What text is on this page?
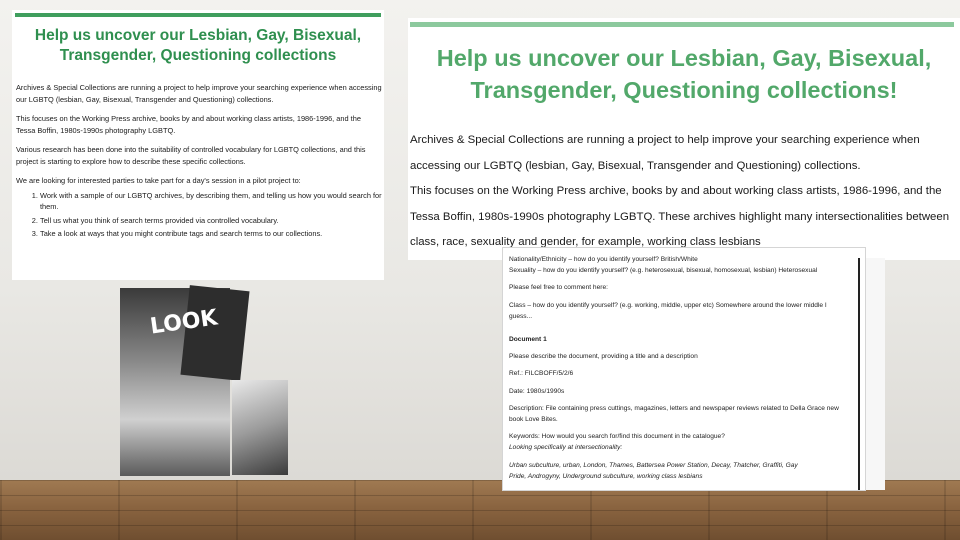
Help us uncover our Lesbian, Gay, Bisexual, Transgender, Questioning collections

Archives & Special Collections are running a project to help improve your searching experience when accessing our LGBTQ (lesbian, Gay, Bisexual, Transgender and Questioning) collections.

This focuses on the Working Press archive, books by and about working class artists, 1986-1996, and the Tessa Boffin, 1980s-1990s photography LGBTQ.

Various research has been done into the suitability of controlled vocabulary for LGBTQ collections, and this project is starting to explore how to describe these specific collections.

We are looking for interested parties to take part for a day's session in a pilot project to:

1. Work with a sample of our LGBTQ archives, by describing them, and telling us how you would search for them.
2. Tell us what you think of search terms provided via controlled vocabulary.
3. Take a look at ways that you might contribute tags and search terms to our collections.
LOOK
Help us uncover our Lesbian, Gay, Bisexual, Transgender, Questioning collections!

Archives & Special Collections are running a project to help improve your searching experience when accessing our LGBTQ (lesbian, Gay, Bisexual, Transgender and Questioning) collections.

This focuses on the Working Press archive, books by and about working class artists, 1986-1996, and the Tessa Boffin, 1980s-1990s photography LGBTQ. These archives highlight many intersectionalities between class, race, sexuality and gender, for example, working class lesbians

Nationality/Ethnicity – how do you identify yourself? British/White
Sexuality – how do you identify yourself? (e.g. heterosexual, bisexual, homosexual, lesbian) Heterosexual
Please feel free to comment here:
Class – how do you identify yourself? (e.g. working, middle, upper etc) Somewhere around the lower middle I guess...
Document 1
Please describe the document, providing a title and a description
Ref.: FILCBOFF/5/2/6
Date: 1980s/1990s
Description: File containing press cuttings, magazines, letters and newspaper reviews related to Della Grace new book Love Bites.
Keywords: How would you search for/find this document in the catalogue?
Looking specifically at intersectionality:
Urban subculture, urban, London, Thames, Battersea Power Station, Decay, Thatcher, Graffiti, Gay
Pride, Androgyny, Underground subculture, working class lesbians
